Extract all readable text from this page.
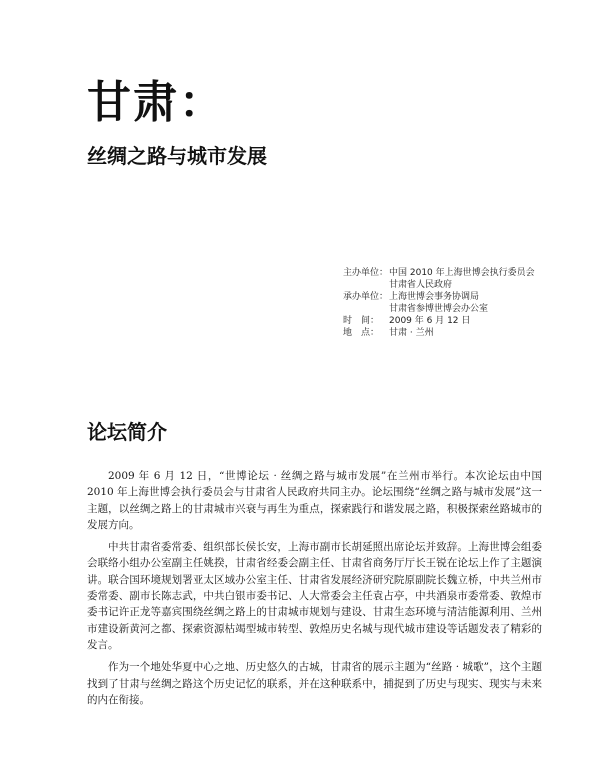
甘肃：
丝绸之路与城市发展
主办单位： 中国 2010 年上海世博会执行委员会
甘肃省人民政府
承办单位： 上海世博会事务协调局
甘肃省参博世博会办公室
时　间：	2009 年 6 月 12 日
地　点：	甘肃 · 兰州
论坛简介

2009 年 6 月 12 日，“世博论坛 · 丝绸之路与城市发展”在兰州市举行。本次论坛由中国 2010 年上海世博会执行委员会与甘肃省人民政府共同主办。论坛围绕“丝绸之路与城市发展”这一主题，以丝绸之路上的甘肃城市兴衰与再生为重点，探索践行和谐发展之路，积极探索丝路城市的发展方向。

中共甘肃省委常委、组织部长侯长安，上海市副市长胡延照出席论坛并致辞。上海世博会组委会联络小组办公室副主任姚揆，甘肃省经委会副主任、甘肃省商务厅厅长王锐在论坛上作了主题演讲。联合国环境规划署亚太区域办公室主任、甘肃省发展经济研究院原副院长魏立桥，中共兰州市委常委、副市长陈志武，中共白银市委书记、人大常委会主任袁占亭，中共酒泉市委常委、敦煌市委书记许正龙等嘉宾围绕丝绸之路上的甘肃城市规划与建设、甘肃生态环境与清洁能源利用、兰州市建设新黄河之都、探索资源枯竭型城市转型、敦煌历史名城与现代城市建设等话题发表了精彩的发言。

作为一个地处华夏中心之地、历史悠久的古城，甘肃省的展示主题为“丝路 · 城歌”，这个主题找到了甘肃与丝绸之路这个历史记忆的联系，并在这种联系中，捕捉到了历史与现实、现实与未来的内在衔接。
